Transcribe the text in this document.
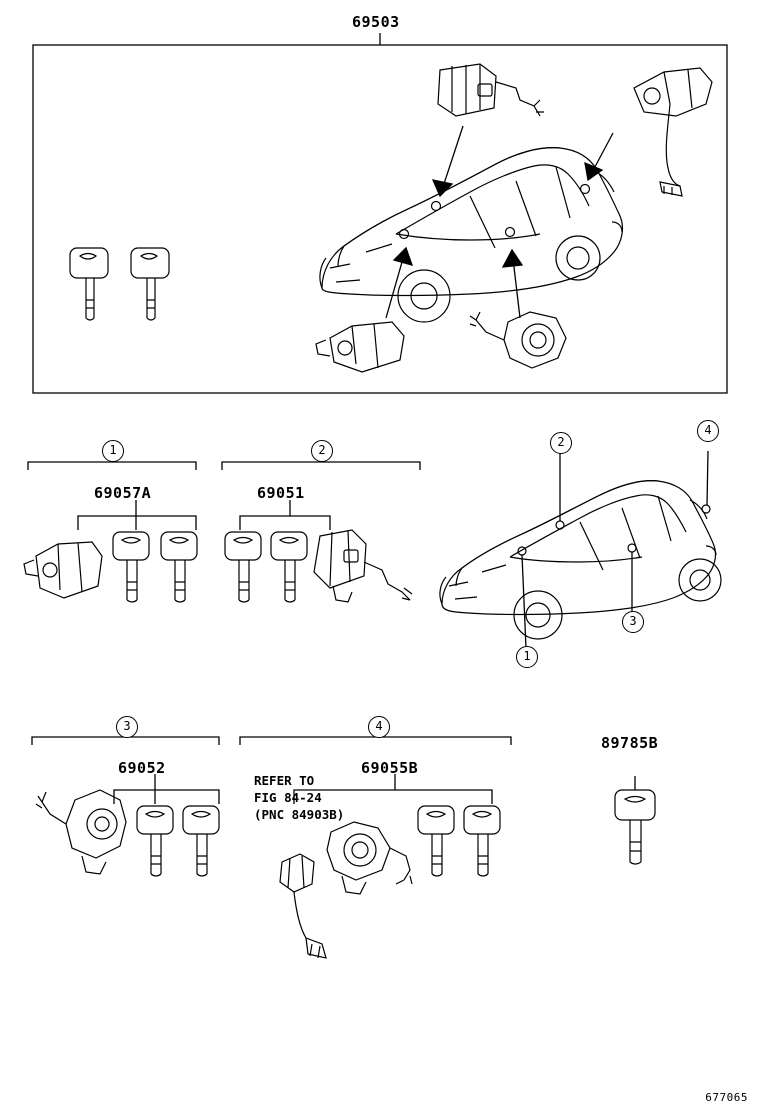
69503
69057A	69051
69052	69055B
89785B
REFER TO
FIG 84-24
(PNC 84903B)
1	2
3	4
2
4
1
3
677065
